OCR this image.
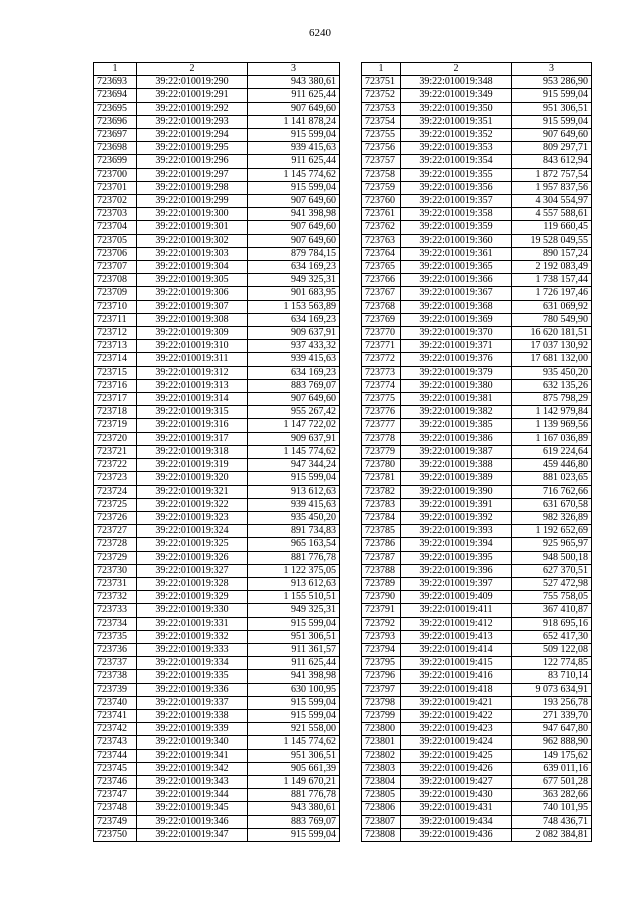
6240
1	2	3
723693	39:22:010019:290	943 380,61
723694	39:22:010019:291	911 625,44
723695	39:22:010019:292	907 649,60
723696	39:22:010019:293	1 141 878,24
723697	39:22:010019:294	915 599,04
723698	39:22:010019:295	939 415,63
723699	39:22:010019:296	911 625,44
723700	39:22:010019:297	1 145 774,62
723701	39:22:010019:298	915 599,04
723702	39:22:010019:299	907 649,60
723703	39:22:010019:300	941 398,98
723704	39:22:010019:301	907 649,60
723705	39:22:010019:302	907 649,60
723706	39:22:010019:303	879 784,15
723707	39:22:010019:304	634 169,23
723708	39:22:010019:305	949 325,31
723709	39:22:010019:306	901 683,95
723710	39:22:010019:307	1 153 563,89
723711	39:22:010019:308	634 169,23
723712	39:22:010019:309	909 637,91
723713	39:22:010019:310	937 433,32
723714	39:22:010019:311	939 415,63
723715	39:22:010019:312	634 169,23
723716	39:22:010019:313	883 769,07
723717	39:22:010019:314	907 649,60
723718	39:22:010019:315	955 267,42
723719	39:22:010019:316	1 147 722,02
723720	39:22:010019:317	909 637,91
723721	39:22:010019:318	1 145 774,62
723722	39:22:010019:319	947 344,24
723723	39:22:010019:320	915 599,04
723724	39:22:010019:321	913 612,63
723725	39:22:010019:322	939 415,63
723726	39:22:010019:323	935 450,20
723727	39:22:010019:324	891 734,83
723728	39:22:010019:325	965 163,54
723729	39:22:010019:326	881 776,78
723730	39:22:010019:327	1 122 375,05
723731	39:22:010019:328	913 612,63
723732	39:22:010019:329	1 155 510,51
723733	39:22:010019:330	949 325,31
723734	39:22:010019:331	915 599,04
723735	39:22:010019:332	951 306,51
723736	39:22:010019:333	911 361,57
723737	39:22:010019:334	911 625,44
723738	39:22:010019:335	941 398,98
723739	39:22:010019:336	630 100,95
723740	39:22:010019:337	915 599,04
723741	39:22:010019:338	915 599,04
723742	39:22:010019:339	921 558,00
723743	39:22:010019:340	1 145 774,62
723744	39:22:010019:341	951 306,51
723745	39:22:010019:342	905 661,39
723746	39:22:010019:343	1 149 670,21
723747	39:22:010019:344	881 776,78
723748	39:22:010019:345	943 380,61
723749	39:22:010019:346	883 769,07
723750	39:22:010019:347	915 599,04
1	2	3
723751	39:22:010019:348	953 286,90
723752	39:22:010019:349	915 599,04
723753	39:22:010019:350	951 306,51
723754	39:22:010019:351	915 599,04
723755	39:22:010019:352	907 649,60
723756	39:22:010019:353	809 297,71
723757	39:22:010019:354	843 612,94
723758	39:22:010019:355	1 872 757,54
723759	39:22:010019:356	1 957 837,56
723760	39:22:010019:357	4 304 554,97
723761	39:22:010019:358	4 557 588,61
723762	39:22:010019:359	119 660,45
723763	39:22:010019:360	19 528 049,55
723764	39:22:010019:361	890 157,24
723765	39:22:010019:365	2 192 083,49
723766	39:22:010019:366	1 738 157,44
723767	39:22:010019:367	1 726 197,46
723768	39:22:010019:368	631 069,92
723769	39:22:010019:369	780 549,90
723770	39:22:010019:370	16 620 181,51
723771	39:22:010019:371	17 037 130,92
723772	39:22:010019:376	17 681 132,00
723773	39:22:010019:379	935 450,20
723774	39:22:010019:380	632 135,26
723775	39:22:010019:381	875 798,29
723776	39:22:010019:382	1 142 979,84
723777	39:22:010019:385	1 139 969,56
723778	39:22:010019:386	1 167 036,89
723779	39:22:010019:387	619 224,64
723780	39:22:010019:388	459 446,80
723781	39:22:010019:389	881 023,65
723782	39:22:010019:390	716 762,66
723783	39:22:010019:391	631 670,58
723784	39:22:010019:392	982 326,89
723785	39:22:010019:393	1 192 652,69
723786	39:22:010019:394	925 965,97
723787	39:22:010019:395	948 500,18
723788	39:22:010019:396	627 370,51
723789	39:22:010019:397	527 472,98
723790	39:22:010019:409	755 758,05
723791	39:22:010019:411	367 410,87
723792	39:22:010019:412	918 695,16
723793	39:22:010019:413	652 417,30
723794	39:22:010019:414	509 122,08
723795	39:22:010019:415	122 774,85
723796	39:22:010019:416	83 710,14
723797	39:22:010019:418	9 073 634,91
723798	39:22:010019:421	193 256,78
723799	39:22:010019:422	271 339,70
723800	39:22:010019:423	947 647,80
723801	39:22:010019:424	962 888,90
723802	39:22:010019:425	149 175,62
723803	39:22:010019:426	639 011,16
723804	39:22:010019:427	677 501,28
723805	39:22:010019:430	363 282,66
723806	39:22:010019:431	740 101,95
723807	39:22:010019:434	748 436,71
723808	39:22:010019:436	2 082 384,81
